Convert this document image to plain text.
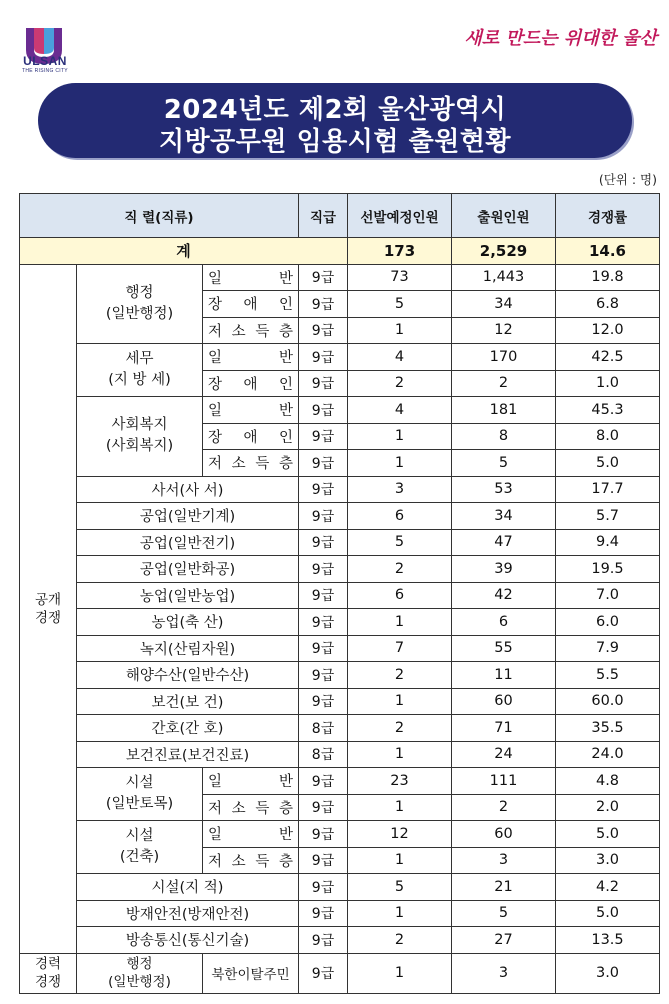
ULSAN
THE RISING CITY
새로 만드는 위대한 울산
2024년도 제2회 울산광역시
지방공무원 임용시험 출원현황
(단위 : 명)
직 렬(직류)			직급	선발예정인원	출원인원	경쟁률
계				173	2,529	14.6
공개
경쟁	행정
(일반행정)	일 반	9급	73	1,443	19.8
		장 애 인	9급	5	34	6.8
		저 소 득 층	9급	1	12	12.0
	세무
(지 방 세)	일 반	9급	4	170	42.5
		장 애 인	9급	2	2	1.0
	사회복지
(사회복지)	일 반	9급	4	181	45.3
		장 애 인	9급	1	8	8.0
		저 소 득 층	9급	1	5	5.0
	사서(사 서)		9급	3	53	17.7
	공업(일반기계)		9급	6	34	5.7
	공업(일반전기)		9급	5	47	9.4
	공업(일반화공)		9급	2	39	19.5
	농업(일반농업)		9급	6	42	7.0
	농업(축 산)		9급	1	6	6.0
	녹지(산림자원)		9급	7	55	7.9
	해양수산(일반수산)		9급	2	11	5.5
	보건(보 건)		9급	1	60	60.0
	간호(간 호)		8급	2	71	35.5
	보건진료(보건진료)		8급	1	24	24.0
	시설
(일반토목)	일 반	9급	23	111	4.8
		저 소 득 층	9급	1	2	2.0
	시설
(건축)	일 반	9급	12	60	5.0
		저 소 득 층	9급	1	3	3.0
	시설(지 적)		9급	5	21	4.2
	방재안전(방재안전)		9급	1	5	5.0
	방송통신(통신기술)		9급	2	27	13.5
경력
경쟁	행정
(일반행정)	북한이탈주민	9급	1	3	3.0
